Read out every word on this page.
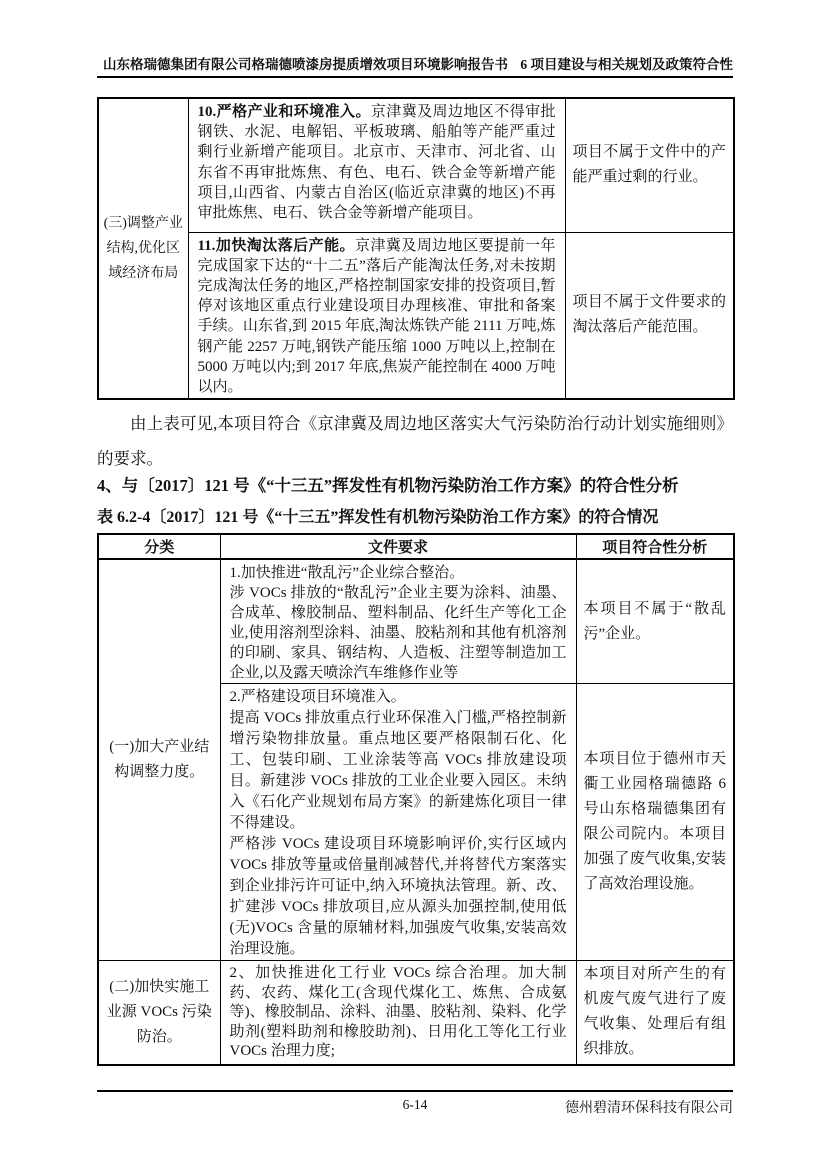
山东格瑞德集团有限公司格瑞德喷漆房提质增效项目环境影响报告书 6 项目建设与相关规划及政策符合性
(三)调整产业结构,优化区域经济布局	10.严格产业和环境准入。京津冀及周边地区不得审批钢铁、水泥、电解铝、平板玻璃、船舶等产能严重过剩行业新增产能项目。北京市、天津市、河北省、山东省不再审批炼焦、有色、电石、铁合金等新增产能项目,山西省、内蒙古自治区(临近京津冀的地区)不再审批炼焦、电石、铁合金等新增产能项目。	项目不属于文件中的产能严重过剩的行业。
	11.加快淘汰落后产能。京津冀及周边地区要提前一年完成国家下达的“十二五”落后产能淘汰任务,对未按期完成淘汰任务的地区,严格控制国家安排的投资项目,暂停对该地区重点行业建设项目办理核准、审批和备案手续。山东省,到 2015 年底,淘汰炼铁产能 2111 万吨,炼钢产能 2257 万吨,钢铁产能压缩 1000 万吨以上,控制在 5000 万吨以内;到 2017 年底,焦炭产能控制在 4000 万吨以内。	项目不属于文件要求的淘汰落后产能范围。

由上表可见,本项目符合《京津冀及周边地区落实大气污染防治行动计划实施细则》的要求。

4、与〔2017〕121 号《“十三五”挥发性有机物污染防治工作方案》的符合性分析
表 6.2-4〔2017〕121 号《“十三五”挥发性有机物污染防治工作方案》的符合情况
分类	文件要求	项目符合性分析
(一)加大产业结构调整力度。	1.加快推进“散乱污”企业综合整治。
涉 VOCs 排放的“散乱污”企业主要为涂料、油墨、合成革、橡胶制品、塑料制品、化纤生产等化工企业,使用溶剂型涂料、油墨、胶粘剂和其他有机溶剂的印刷、家具、钢结构、人造板、注塑等制造加工企业,以及露天喷涂汽车维修作业等	本项目不属于“散乱污”企业。

	2.严格建设项目环境准入。
提高 VOCs 排放重点行业环保准入门槛,严格控制新增污染物排放量。重点地区要严格限制石化、化工、包装印刷、工业涂装等高 VOCs 排放建设项目。新建涉 VOCs 排放的工业企业要入园区。未纳入《石化产业规划布局方案》的新建炼化项目一律不得建设。
严格涉 VOCs 建设项目环境影响评价,实行区域内 VOCs 排放等量或倍量削减替代,并将替代方案落实到企业排污许可证中,纳入环境执法管理。新、改、扩建涉 VOCs 排放项目,应从源头加强控制,使用低(无)VOCs 含量的原辅材料,加强废气收集,安装高效治理设施。	本项目位于德州市天衢工业园格瑞德路 6 号山东格瑞德集团有限公司院内。本项目加强了废气收集,安装了高效治理设施。
(二)加快实施工业源 VOCs 污染防治。	2、加快推进化工行业 VOCs 综合治理。加大制药、农药、煤化工(含现代煤化工、炼焦、合成氨等)、橡胶制品、涂料、油墨、胶粘剂、染料、化学助剂(塑料助剂和橡胶助剂)、日用化工等化工行业 VOCs 治理力度;	本项目对所产生的有机废气废气进行了废气收集、处理后有组织排放。
6-14	德州碧清环保科技有限公司
